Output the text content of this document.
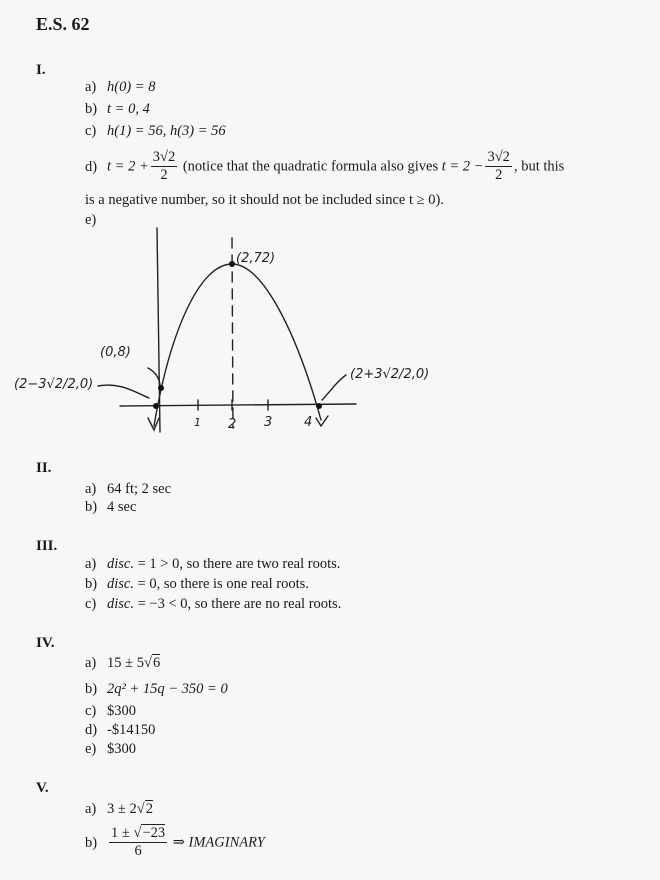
E.S. 62
I.
a) h(0) = 8
b) t = 0, 4
c) h(1) = 56, h(3) = 56
d) $t = 2 + \frac{3√2}{2}$ (notice that the quadratic formula also gives $t = 2 - \frac{3√2}{2}$ , but this
is a negative number, so it should not be included since t ≥ 0).
e)
(2,72)
(0,8)
(2−3√2/2,0)
(2+3√2/2,0)
1 2 3 4
II.
a) 64 ft; 2 sec
b) 4 sec
III.
a) disc. = 1 > 0, so there are two real roots.
b) disc. = 0, so there is one real roots.
c) disc. = −3 < 0, so there are no real roots.
IV.
a) 15 ± 5√6
b) 2q² + 15q − 350 = 0
c) $300
d) -$14150
e) $300
V.
a) 3 ± 2√2
$b) \frac{1 \pm √-23}{6}$ ⇒ IMAGINARY
